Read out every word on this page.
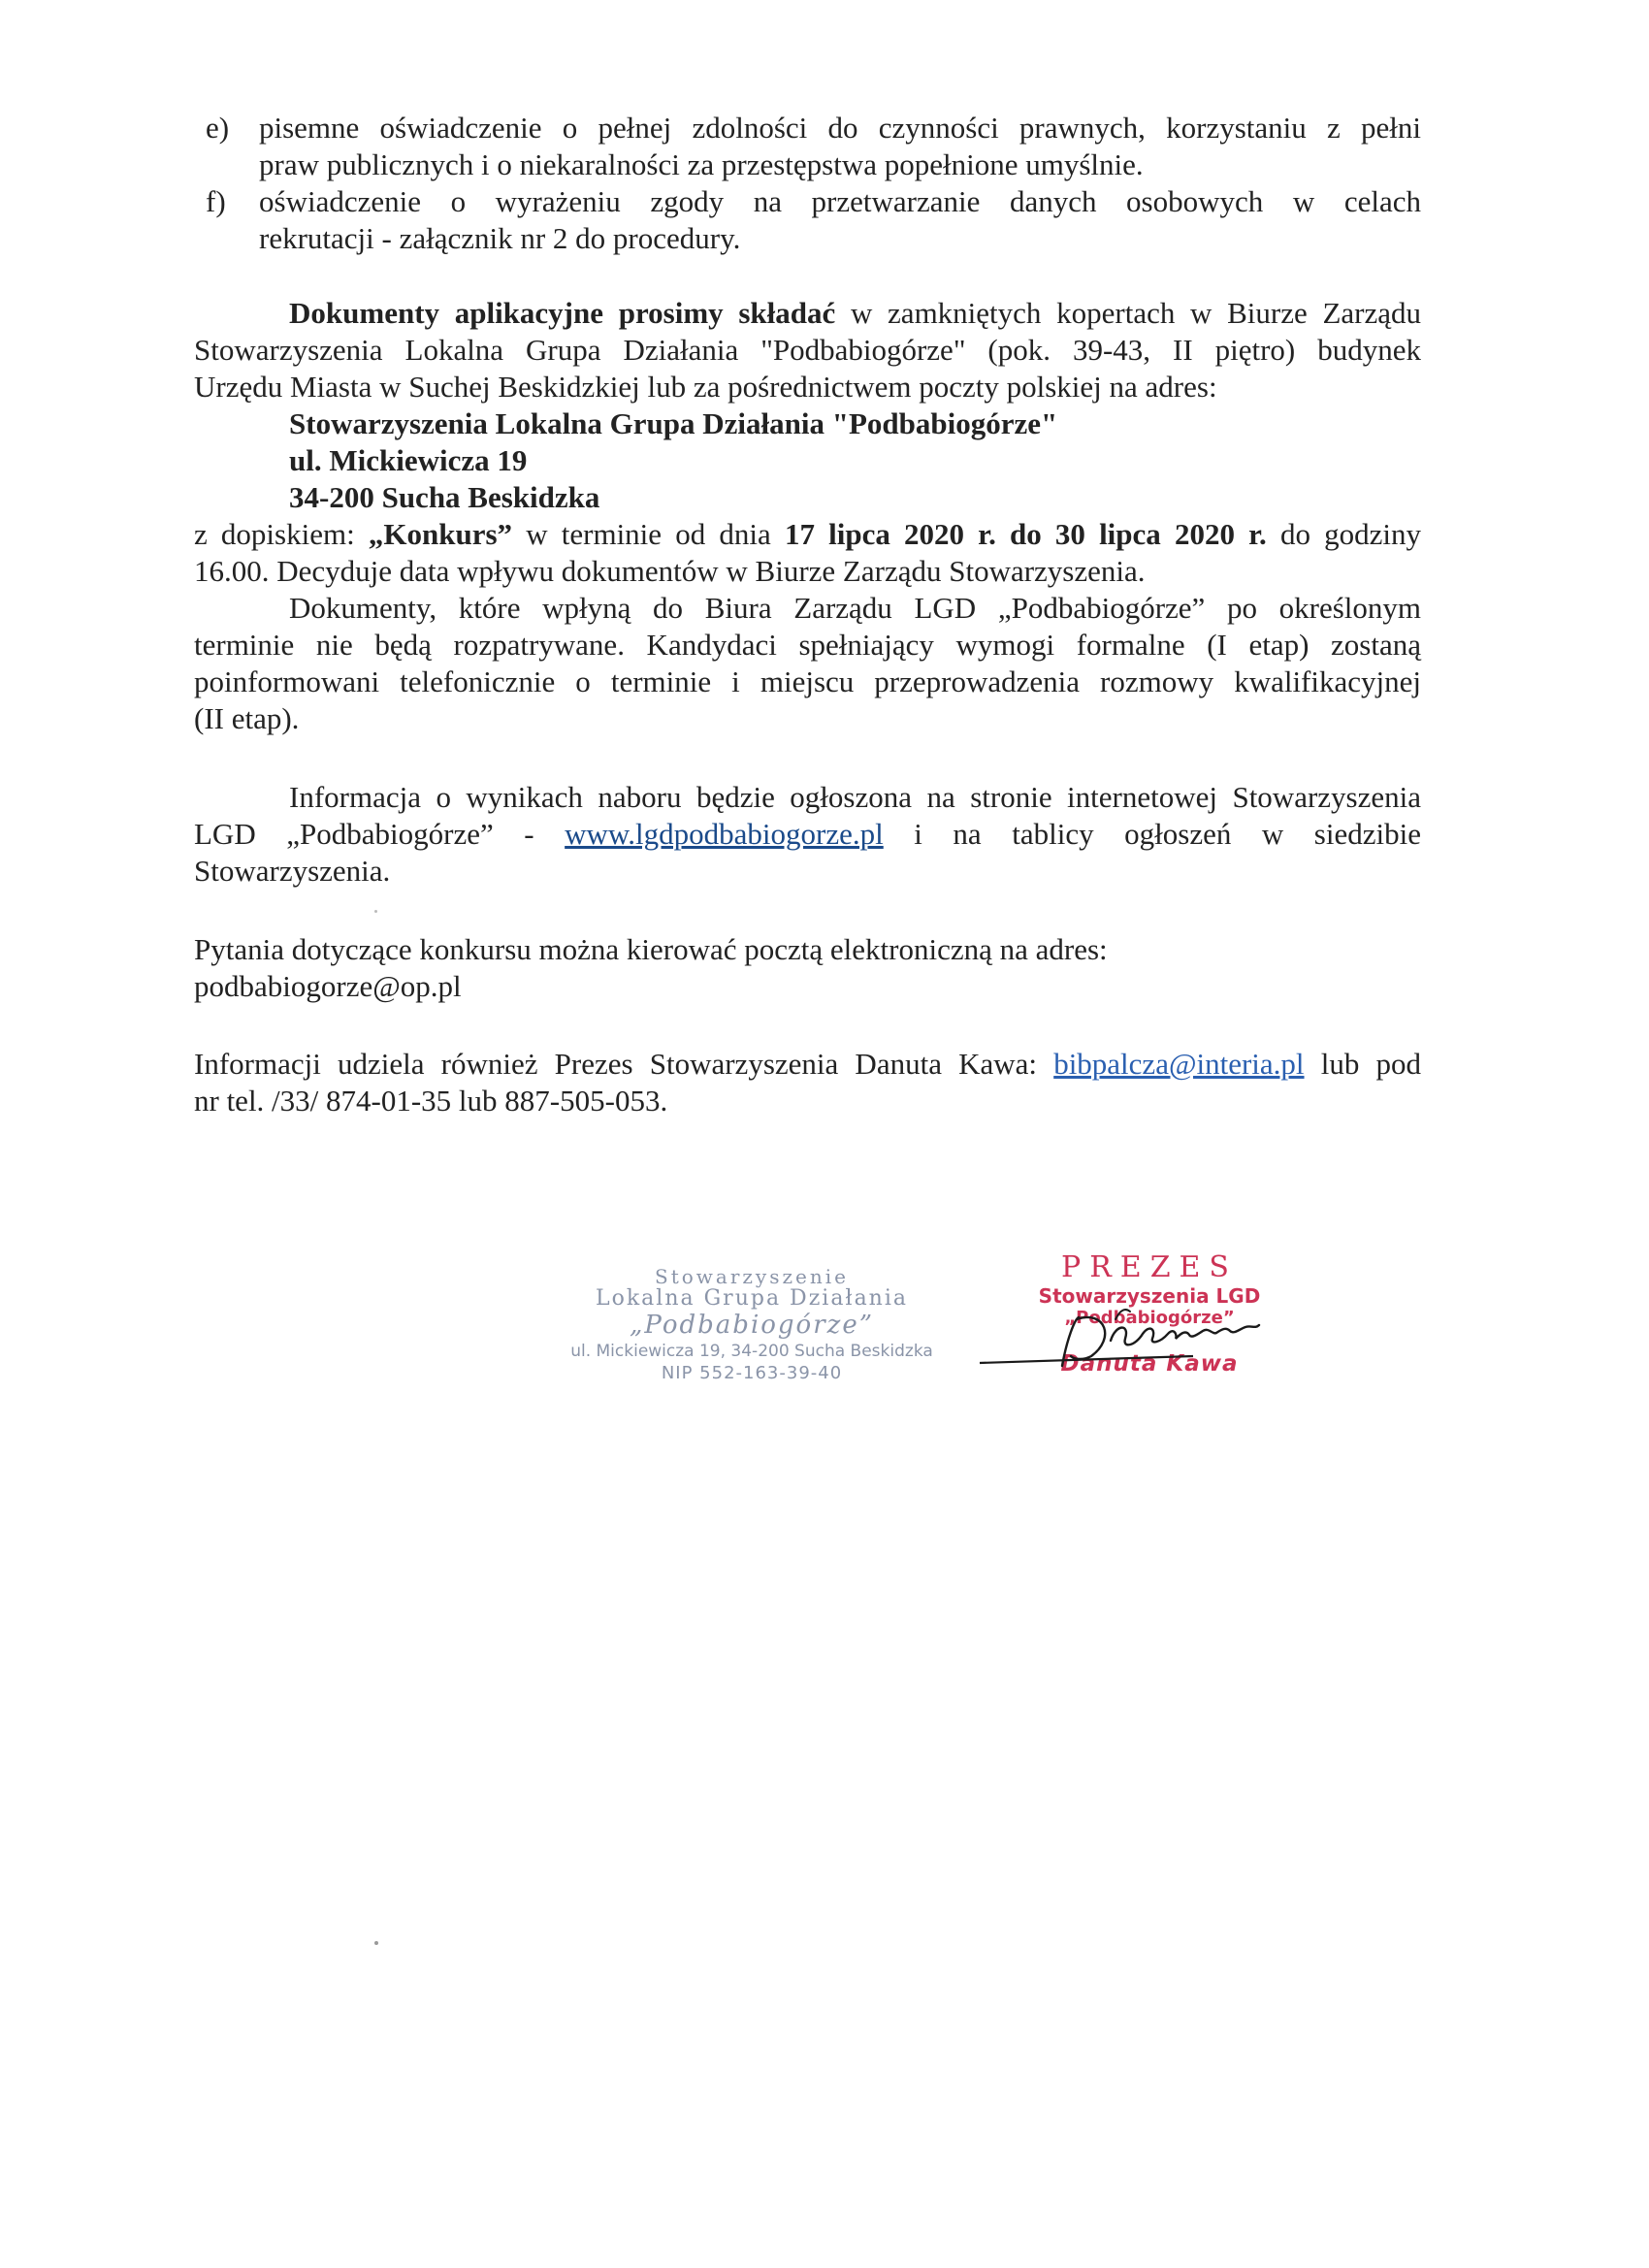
e) pisemne oświadczenie o pełnej zdolności do czynności prawnych, korzystaniu z pełni
praw publicznych i o niekaralności za przestępstwa popełnione umyślnie.
f) oświadczenie o wyrażeniu zgody na przetwarzanie danych osobowych w celach
rekrutacji - załącznik nr 2 do procedury.
Dokumenty aplikacyjne prosimy składać w zamkniętych kopertach w Biurze Zarządu
Stowarzyszenia Lokalna Grupa Działania "Podbabiogórze" (pok. 39-43, II piętro) budynek
Urzędu Miasta w Suchej Beskidzkiej lub za pośrednictwem poczty polskiej na adres:
Stowarzyszenia Lokalna Grupa Działania "Podbabiogórze"
ul. Mickiewicza 19
34-200 Sucha Beskidzka
z dopiskiem: „Konkurs” w terminie od dnia 17 lipca 2020 r. do 30 lipca 2020 r. do godziny
16.00. Decyduje data wpływu dokumentów w Biurze Zarządu Stowarzyszenia.
Dokumenty, które wpłyną do Biura Zarządu LGD „Podbabiogórze” po określonym
terminie nie będą rozpatrywane. Kandydaci spełniający wymogi formalne (I etap) zostaną
poinformowani telefonicznie o terminie i miejscu przeprowadzenia rozmowy kwalifikacyjnej
(II etap).
Informacja o wynikach naboru będzie ogłoszona na stronie internetowej Stowarzyszenia
LGD „Podbabiogórze” - www.lgdpodbabiogorze.pl i na tablicy ogłoszeń w siedzibie
Stowarzyszenia.
Pytania dotyczące konkursu można kierować pocztą elektroniczną na adres:
podbabiogorze@op.pl
Informacji udziela również Prezes Stowarzyszenia Danuta Kawa: bibpalcza@interia.pl lub pod
nr tel. /33/ 874-01-35 lub 887-505-053.
Stowarzyszenie
Lokalna Grupa Działania
„Podbabiogórze”
ul. Mickiewicza 19, 34-200 Sucha Beskidzka
NIP 552-163-39-40
PREZES
Stowarzyszenia LGD
„Podbabiogórze”
Danuta Kawa
